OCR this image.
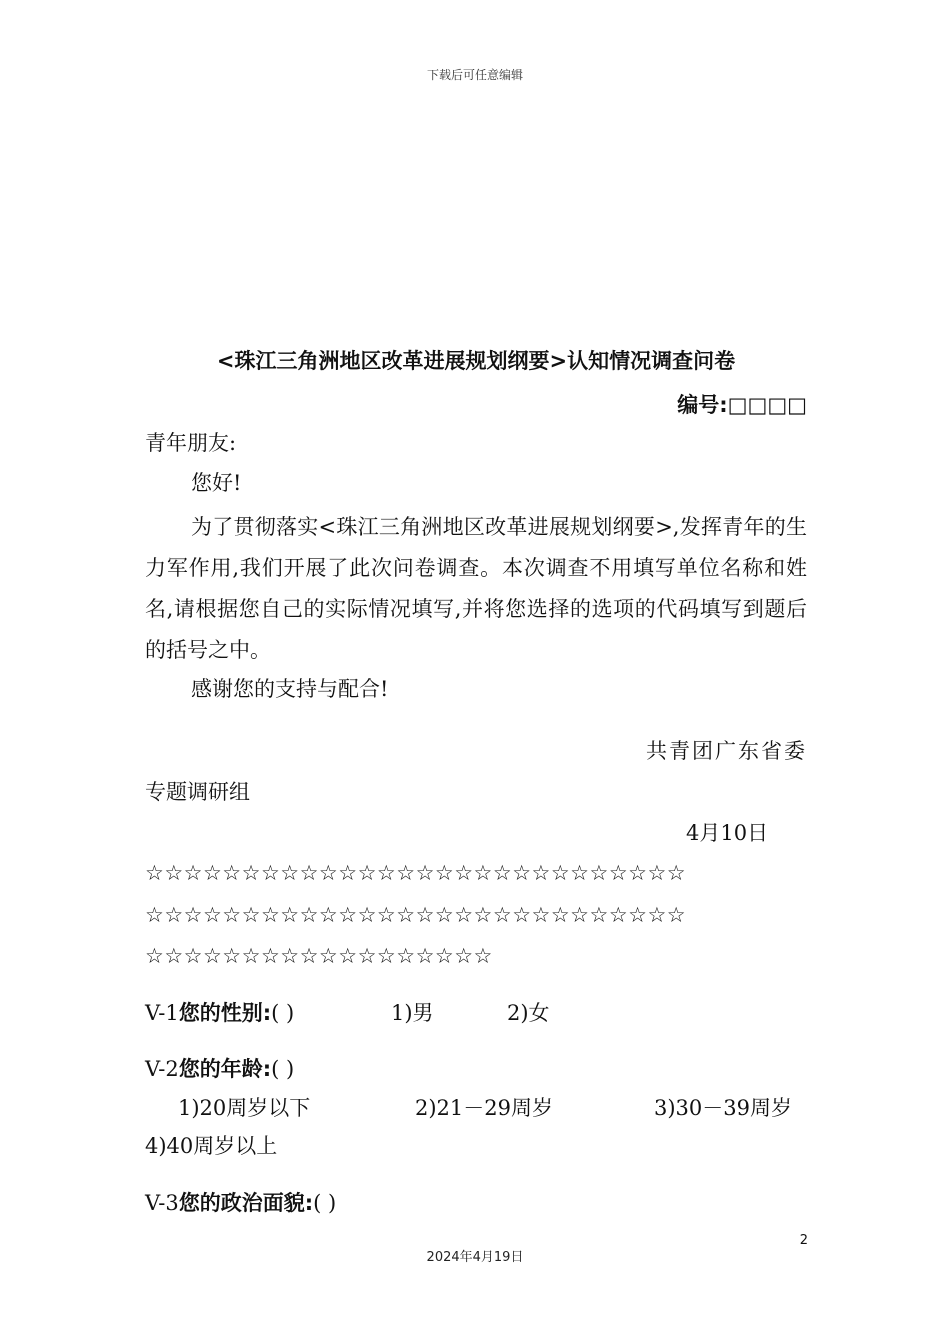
下载后可任意编辑
<珠江三角洲地区改革进展规划纲要>认知情况调查问卷
编号:□□□□
青年朋友:
您好!
为了贯彻落实<珠江三角洲地区改革进展规划纲要>,发挥青年的生力军作用,我们开展了此次问卷调查。本次调查不用填写单位名称和姓名,请根据您自己的实际情况填写,并将您选择的选项的代码填写到题后的括号之中。
感谢您的支持与配合!
共青团广东省委
专题调研组
4月10日
☆☆☆☆☆☆☆☆☆☆☆☆☆☆☆☆☆☆☆☆☆☆☆☆☆☆☆☆
☆☆☆☆☆☆☆☆☆☆☆☆☆☆☆☆☆☆☆☆☆☆☆☆☆☆☆☆
☆☆☆☆☆☆☆☆☆☆☆☆☆☆☆☆☆☆
V-1您的性别:( )	1)男	2)女
V-2您的年龄:( )
1)20周岁以下	2)21－29周岁	3)30－39周岁
4)40周岁以上
V-3您的政治面貌:( )
2
2024年4月19日
